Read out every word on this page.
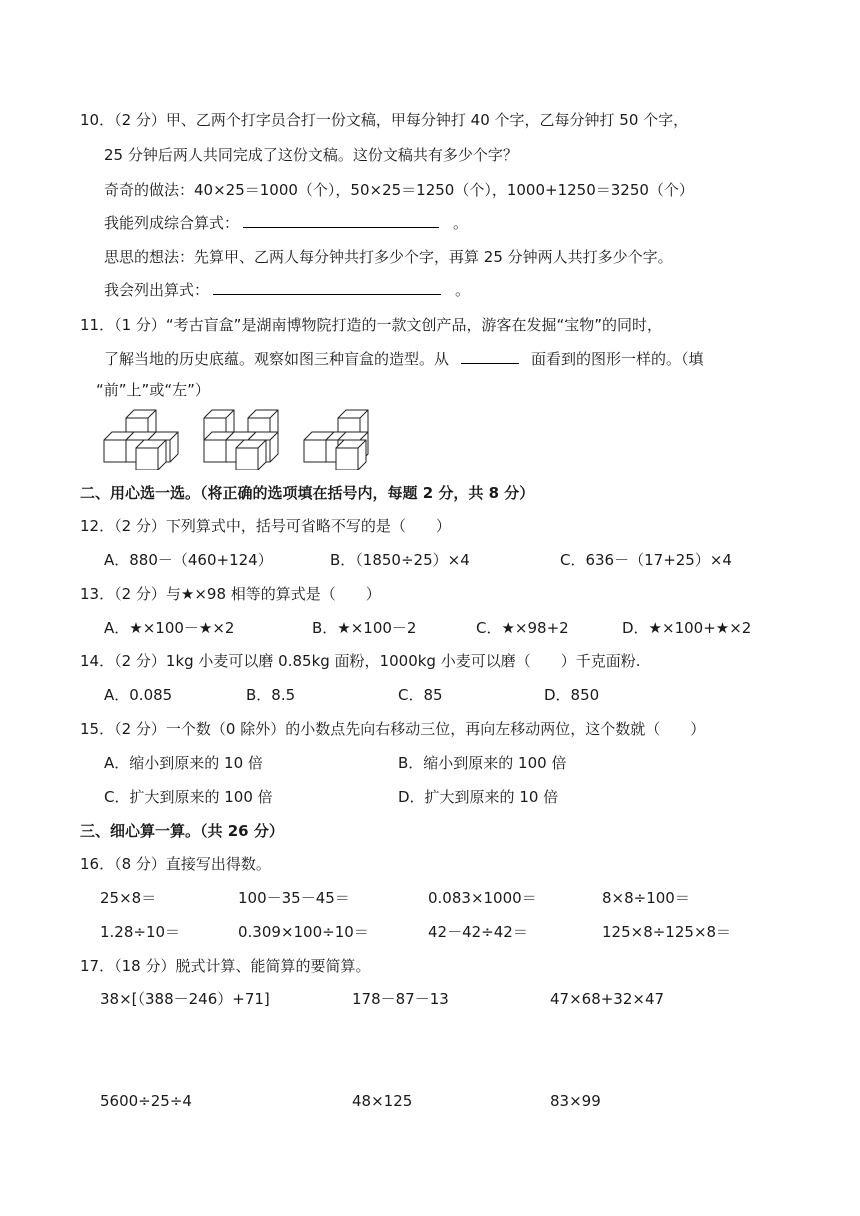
10．（2 分）甲、乙两个打字员合打一份文稿，甲每分钟打 40 个字，乙每分钟打 50 个字，
25 分钟后两人共同完成了这份文稿。这份文稿共有多少个字？
奇奇的做法：40×25＝1000（个），50×25＝1250（个），1000+1250＝3250（个）
我能列成综合算式：	。
思思的想法：先算甲、乙两人每分钟共打多少个字，再算 25 分钟两人共打多少个字。
我会列出算式：	。
11．（1 分）“考古盲盒”是湖南博物院打造的一款文创产品，游客在发掘“宝物”的同时，
了解当地的历史底蕴。观察如图三种盲盒的造型。从	面看到的图形一样的。（填
“前”上”或“左”）
二、用心选一选。（将正确的选项填在括号内，每题 2 分，共 8 分）
12．（2 分）下列算式中，括号可省略不写的是（　　）
A．880－（460+124）	B．（1850÷25）×4	C．636－（17+25）×4
13．（2 分）与★×98 相等的算式是（　　）
A．★×100－★×2	B．★×100－2	C．★×98+2	D．★×100+★×2
14．（2 分）1kg 小麦可以磨 0.85kg 面粉，1000kg 小麦可以磨（　　）千克面粉.
A．0.085	B．8.5	C．85	D．850
15．（2 分）一个数（0 除外）的小数点先向右移动三位，再向左移动两位，这个数就（　　）
A．缩小到原来的 10 倍	B．缩小到原来的 100 倍
C．扩大到原来的 100 倍	D．扩大到原来的 10 倍
三、细心算一算。（共 26 分）
16．（8 分）直接写出得数。
25×8＝	100－35－45＝	0.083×1000＝	8×8÷100＝
1.28÷10＝	0.309×100÷10＝	42－42÷42＝	125×8÷125×8＝
17．（18 分）脱式计算、能简算的要简算。
38×[（388－246）+71]	178－87－13	47×68+32×47
5600÷25÷4	48×125	83×99
